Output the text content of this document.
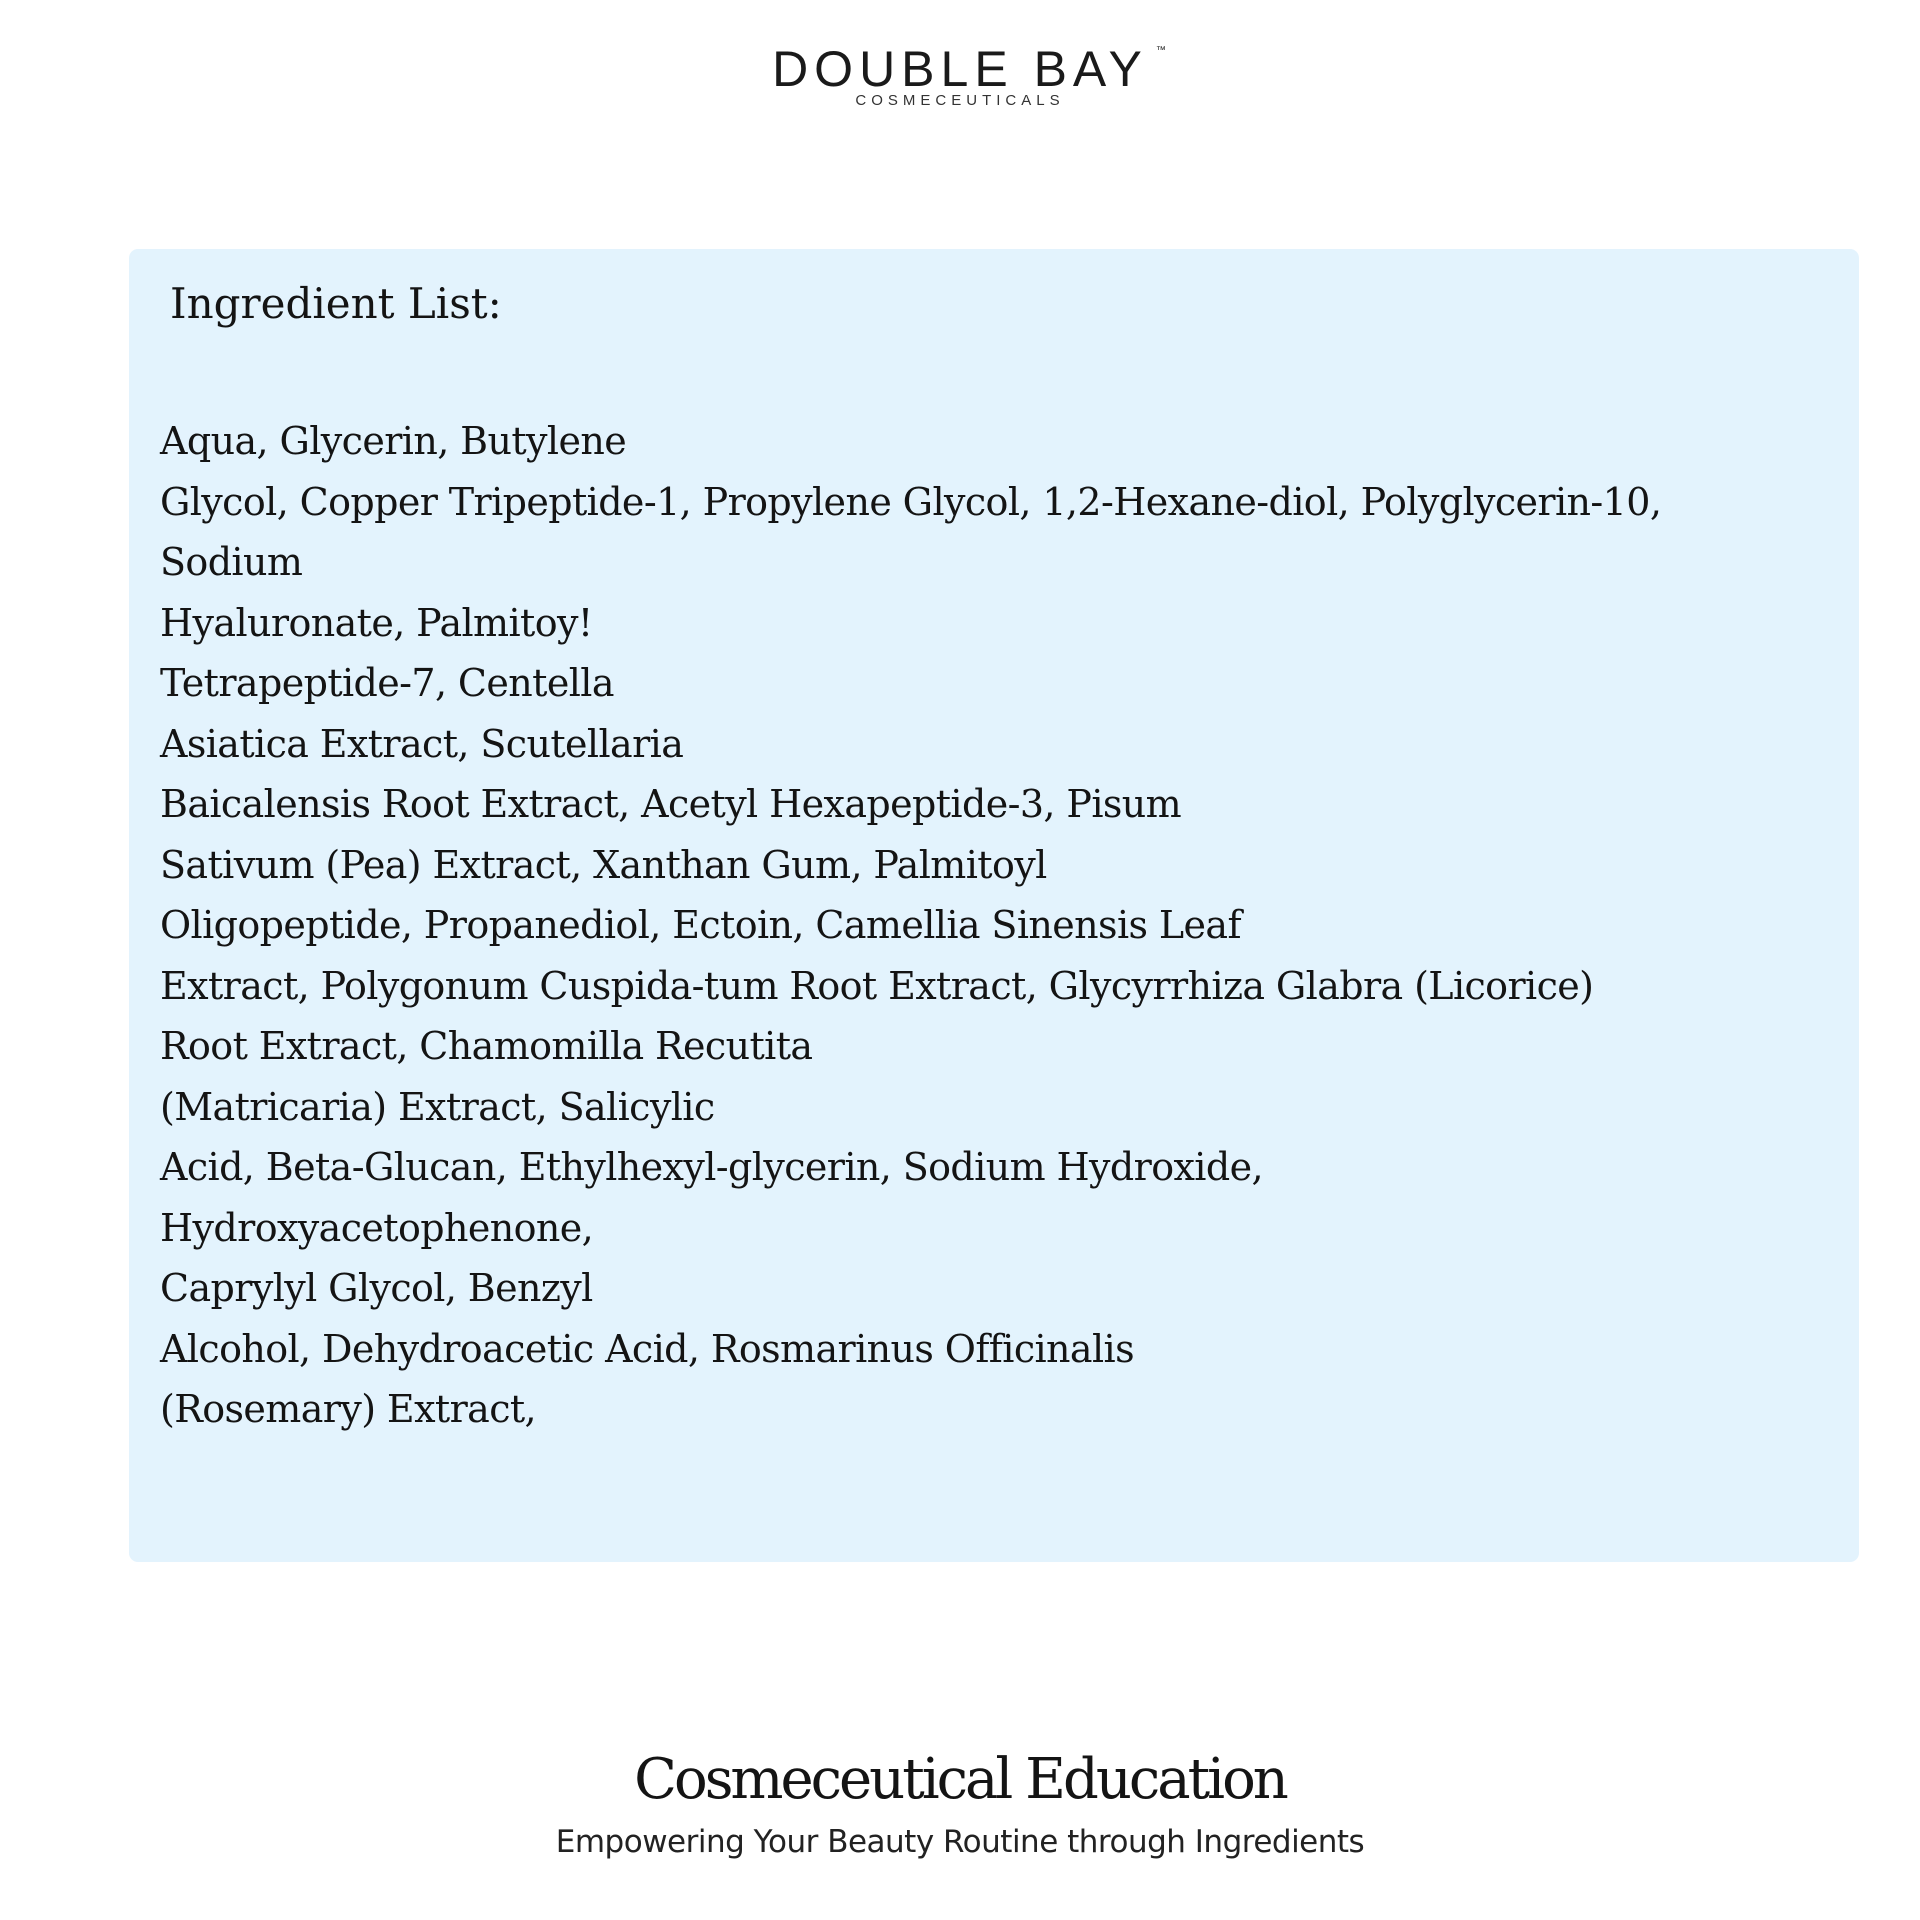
DOUBLE BAY ™
COSMECEUTICALS
Ingredient List:
Aqua, Glycerin, Butylene
Glycol, Copper Tripeptide-1, Propylene Glycol, 1,2-Hexane-diol, Polyglycerin-10,
Sodium
Hyaluronate, Palmitoy!
Tetrapeptide-7, Centella
Asiatica Extract, Scutellaria
Baicalensis Root Extract, Acetyl Hexapeptide-3, Pisum
Sativum (Pea) Extract, Xanthan Gum, Palmitoyl
Oligopeptide, Propanediol, Ectoin, Camellia Sinensis Leaf
Extract, Polygonum Cuspida-tum Root Extract, Glycyrrhiza Glabra (Licorice)
Root Extract, Chamomilla Recutita
(Matricaria) Extract, Salicylic
Acid, Beta-Glucan, Ethylhexyl-glycerin, Sodium Hydroxide,
Hydroxyacetophenone,
Caprylyl Glycol, Benzyl
Alcohol, Dehydroacetic Acid, Rosmarinus Officinalis
(Rosemary) Extract,
Cosmeceutical Education

Empowering Your Beauty Routine through Ingredients
